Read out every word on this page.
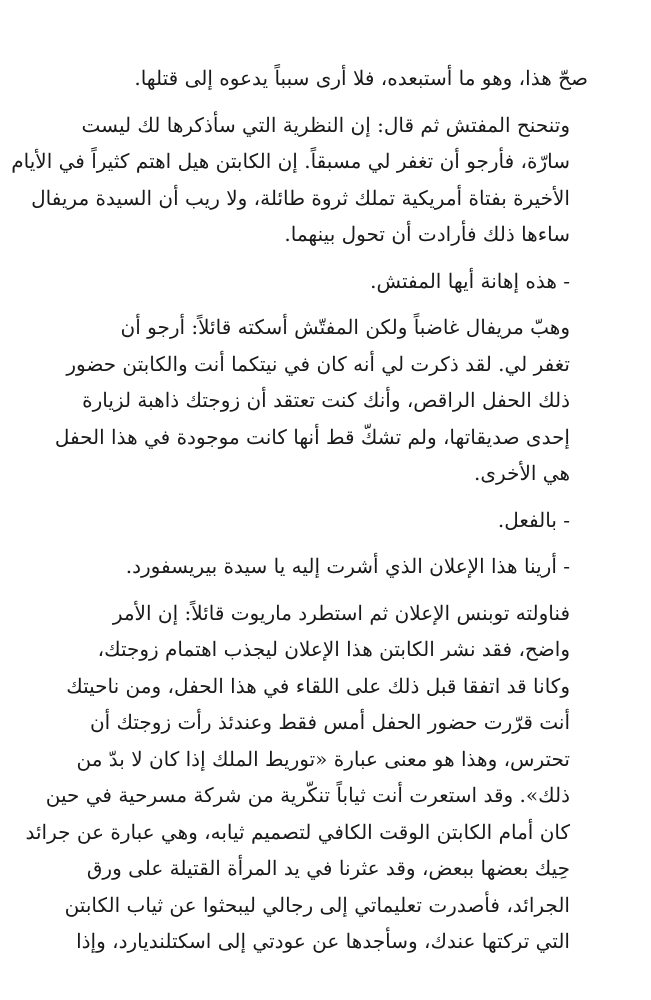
صحّ هذا، وهو ما أستبعده، فلا أرى سبباً يدعوه إلى قتلها.

وتنحنح المفتش ثم قال: إن النظرية التي سأذكرها لك ليست
سارّة، فأرجو أن تغفر لي مسبقاً. إن الكابتن هيل اهتم كثيراً في الأيام
الأخيرة بفتاة أمريكية تملك ثروة طائلة، ولا ريب أن السيدة مريفال
ساءها ذلك فأرادت أن تحول بينهما.

- هذه إهانة أيها المفتش.

وهبّ مريفال غاضباً ولكن المفتّش أسكته قائلاً: أرجو أن
تغفر لي. لقد ذكرت لي أنه كان في نيتكما أنت والكابتن حضور
ذلك الحفل الراقص، وأنك كنت تعتقد أن زوجتك ذاهبة لزيارة
إحدى صديقاتها، ولم تشكّ قط أنها كانت موجودة في هذا الحفل
هي الأخرى.

- بالفعل.

- أرينا هذا الإعلان الذي أشرت إليه يا سيدة بيريسفورد.

فناولته توبنس الإعلان ثم استطرد ماريوت قائلاً: إن الأمر
واضح، فقد نشر الكابتن هذا الإعلان ليجذب اهتمام زوجتك،
وكانا قد اتفقا قبل ذلك على اللقاء في هذا الحفل، ومن ناحيتك
أنت قرّرت حضور الحفل أمس فقط وعندئذ رأت زوجتك أن
تحترس، وهذا هو معنى عبارة «توريط الملك إذا كان لا بدّ من
ذلك». وقد استعرت أنت ثياباً تنكّرية من شركة مسرحية في حين
كان أمام الكابتن الوقت الكافي لتصميم ثيابه، وهي عبارة عن جرائد
حِيك بعضها ببعض، وقد عثرنا في يد المرأة القتيلة على ورق
الجرائد، فأصدرت تعليماتي إلى رجالي ليبحثوا عن ثياب الكابتن
التي تركتها عندك، وسأجدها عن عودتي إلى اسكتلنديارد، وإذا
